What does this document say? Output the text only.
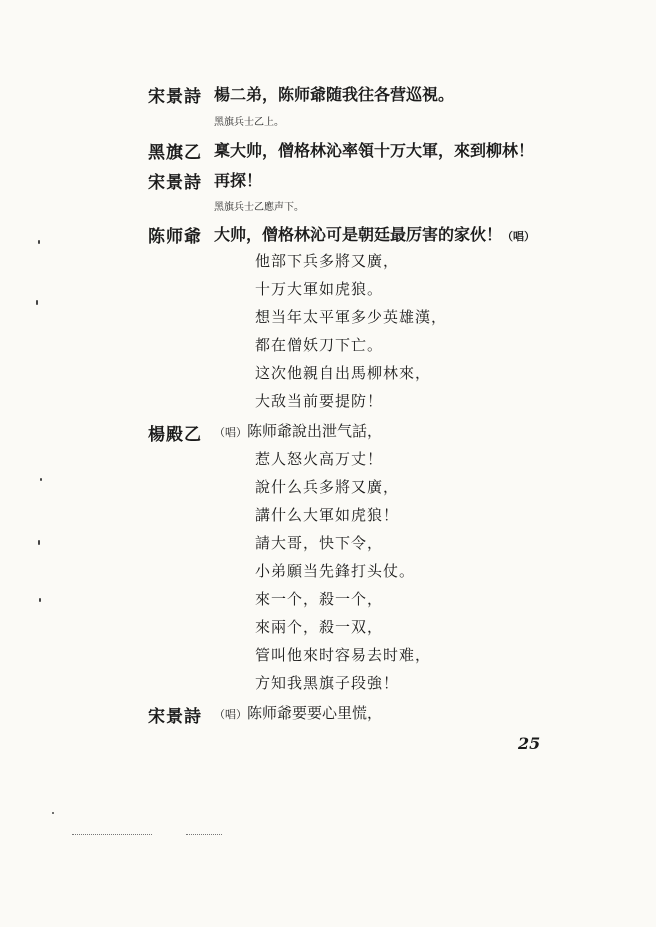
宋景詩 楊二弟，陈师爺随我往各营巡視。
黑旗兵士乙上。
黑旗乙 稟大帅，僧格林沁率領十万大軍，來到柳林！
宋景詩 再探！
黑旗兵士乙應声下。
陈师爺 大帅，僧格林沁可是朝廷最厉害的家伙！（唱）
他部下兵多將又廣，
十万大軍如虎狼。
想当年太平軍多少英雄漢，
都在僧妖刀下亡。
这次他親自出馬柳林來，
大敌当前要提防！
楊殿乙 （唱）陈师爺說出泄气話，
惹人怒火高万丈！
說什么兵多將又廣，
講什么大軍如虎狼！
請大哥，快下令，
小弟願当先鋒打头仗。
來一个，殺一个，
來兩个，殺一双，
管叫他來时容易去时难，
方知我黑旗子段強！
宋景詩 （唱）陈师爺要要心里慌，
25
